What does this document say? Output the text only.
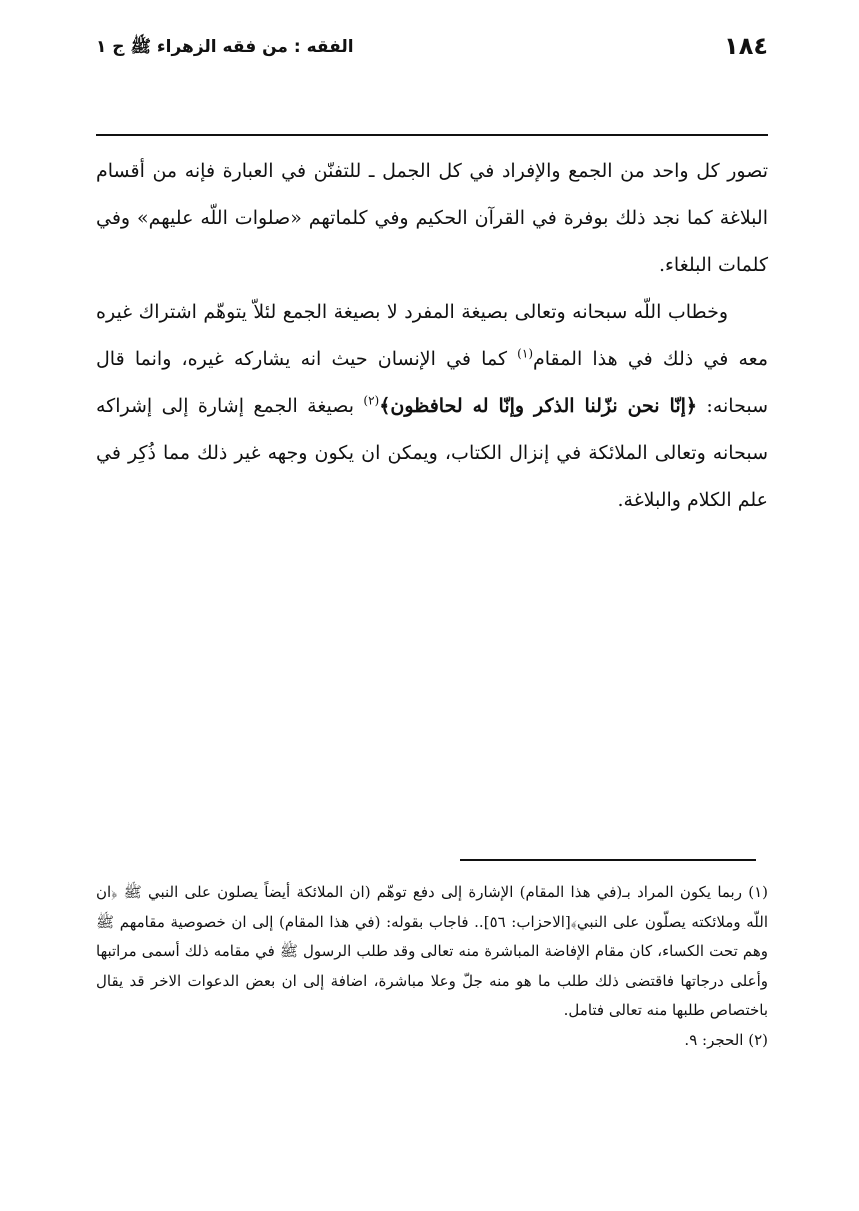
١٨٤
الفقه : من فقه الزهراء ﷺ ج ١

تصور كل واحد من الجمع والإفراد في كل الجمل ـ للتفنّن في العبارة فإنه من أقسام البلاغة كما نجد ذلك بوفرة في القرآن الحكيم وفي كلماتهم «صلوات اللّه عليهم» وفي كلمات البلغاء.

وخطاب اللّه سبحانه وتعالى بصيغة المفرد لا بصيغة الجمع لئلاّ يتوهّم اشتراك غيره معه في ذلك في هذا المقام$^{(١)}$ كما في الإنسان حيث انه يشاركه غيره، وانما قال سبحانه: ﴿إنّا نحن نزّلنا الذكر وإنّا له لحافظون﴾$^{(٢)}$ بصيغة الجمع إشارة إلى إشراكه سبحانه وتعالى الملائكة في إنزال الكتاب، ويمكن ان يكون وجهه غير ذلك مما ذُكِر في علم الكلام والبلاغة.

(١) ربما يكون المراد بـ(في هذا المقام) الإشارة إلى دفع توهّم (ان الملائكة أيضاً يصلون على النبي ﷺ ﴿ان اللّه وملائكته يصلّون على النبي﴾[الاحزاب: ٥٦].. فاجاب بقوله: (في هذا المقام) إلى ان خصوصية مقامهم ﷺ وهم تحت الكساء، كان مقام الإفاضة المباشرة منه تعالى وقد طلب الرسول ﷺ في مقامه ذلك أسمى مراتبها وأعلى درجاتها فاقتضى ذلك طلب ما هو منه جلّ وعلا مباشرة، اضافة إلى ان بعض الدعوات الاخر قد يقال باختصاص طلبها منه تعالى فتامل.

(٢) الحجر: ٩.
